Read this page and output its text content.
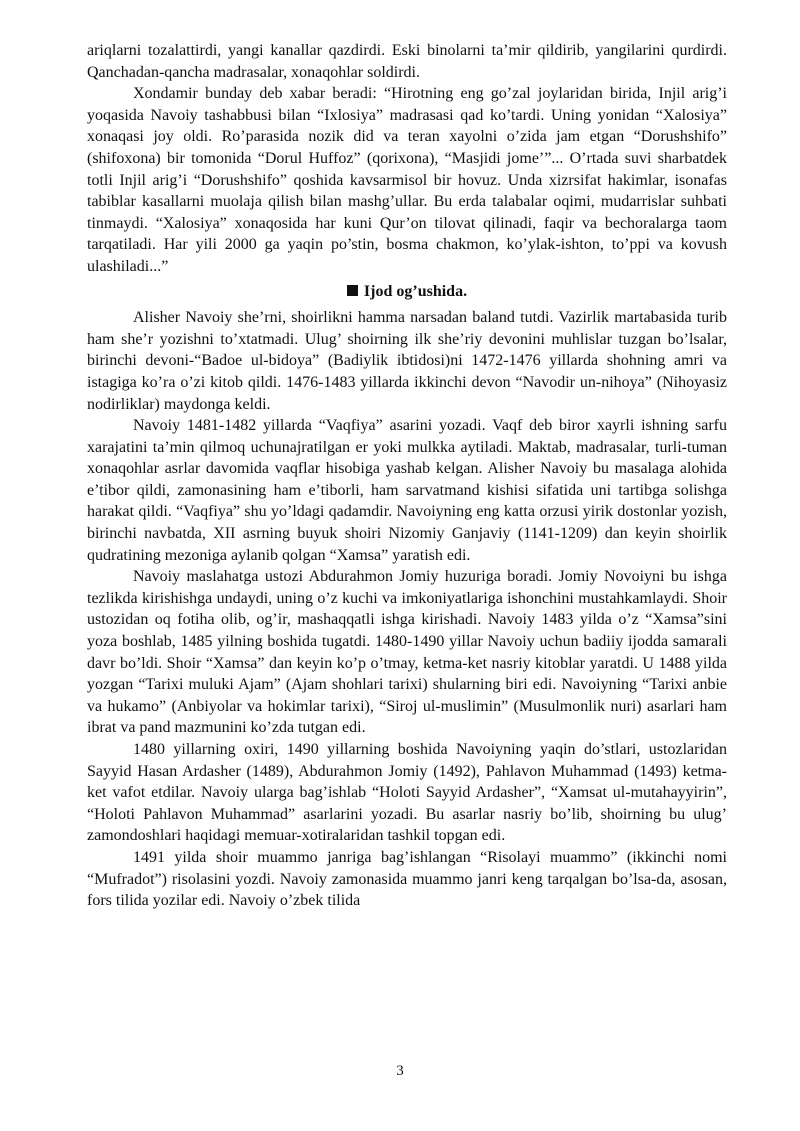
ariqlarni tozalattirdi, yangi kanallar qazdirdi. Eski binolarni ta’mir qildirib, yangilarini qurdirdi. Qanchadan-qancha madrasalar, xonaqohlar soldirdi.

Xondamir bunday deb xabar beradi: “Hirotning eng go’zal joylaridan birida, Injil arig’i yoqasida Navoiy tashabbusi bilan “Ixlosiya” madrasasi qad ko’tardi. Uning yonidan “Xalosiya” xonaqasi joy oldi. Ro’parasida nozik did va teran xayolni o’zida jam etgan “Dorushshifo” (shifoxona) bir tomonida “Dorul Huffoz” (qorixona), “Masjidi jome’”... O’rtada suvi sharbatdek totli Injil arig’i “Dorushshifo” qoshida kavsarmisol bir hovuz. Unda xizrsifat hakimlar, isonafas tabiblar kasallarni muolaja qilish bilan mashg’ullar. Bu erda talabalar oqimi, mudarrislar suhbati tinmaydi. “Xalosiya” xonaqosida har kuni Qur’on tilovat qilinadi, faqir va bechoralarga taom tarqatiladi. Har yili 2000 ga yaqin po’stin, bosma chakmon, ko’ylak-ishton, to’ppi va kovush ulashiladi...”

Ijod og’ushida.

Alisher Navoiy she’rni, shoirlikni hamma narsadan baland tutdi. Vazirlik martabasida turib ham she’r yozishni to’xtatmadi. Ulug’ shoirning ilk she’riy devonini muhlislar tuzgan bo’lsalar, birinchi devoni-“Badoe ul-bidoya” (Badiylik ibtidosi)ni 1472-1476 yillarda shohning amri va istagiga ko’ra o’zi kitob qildi. 1476-1483 yillarda ikkinchi devon “Navodir un-nihoya” (Nihoyasiz nodirliklar) maydonga keldi.

Navoiy 1481-1482 yillarda “Vaqfiya” asarini yozadi. Vaqf deb biror xayrli ishning sarfu xarajatini ta’min qilmoq uchunajratilgan er yoki mulkka aytiladi. Maktab, madrasalar, turli-tuman xonaqohlar asrlar davomida vaqflar hisobiga yashab kelgan. Alisher Navoiy bu masalaga alohida e’tibor qildi, zamonasining ham e’tiborli, ham sarvatmand kishisi sifatida uni tartibga solishga harakat qildi. “Vaqfiya” shu yo’ldagi qadamdir. Navoiyning eng katta orzusi yirik dostonlar yozish, birinchi navbatda, XII asrning buyuk shoiri Nizomiy Ganjaviy (1141-1209) dan keyin shoirlik qudratining mezoniga aylanib qolgan “Xamsa” yaratish edi.

Navoiy maslahatga ustozi Abdurahmon Jomiy huzuriga boradi. Jomiy Novoiyni bu ishga tezlikda kirishishga undaydi, uning o’z kuchi va imkoniyatlariga ishonchini mustahkamlaydi. Shoir ustozidan oq fotiha olib, og’ir, mashaqqatli ishga kirishadi. Navoiy 1483 yilda o’z “Xamsa”sini yoza boshlab, 1485 yilning boshida tugatdi. 1480-1490 yillar Navoiy uchun badiiy ijodda samarali davr bo’ldi. Shoir “Xamsa” dan keyin ko’p o’tmay, ketma-ket nasriy kitoblar yaratdi. U 1488 yilda yozgan “Tarixi muluki Ajam” (Ajam shohlari tarixi) shularning biri edi. Navoiyning “Tarixi anbie va hukamo” (Anbiyolar va hokimlar tarixi), “Siroj ul-muslimin” (Musulmonlik nuri) asarlari ham ibrat va pand mazmunini ko’zda tutgan edi.

1480 yillarning oxiri, 1490 yillarning boshida Navoiyning yaqin do’stlari, ustozlaridan Sayyid Hasan Ardasher (1489), Abdurahmon Jomiy (1492), Pahlavon Muhammad (1493) ketma-ket vafot etdilar. Navoiy ularga bag’ishlab “Holoti Sayyid Ardasher”, “Xamsat ul-mutahayyirin”, “Holoti Pahlavon Muhammad” asarlarini yozadi. Bu asarlar nasriy bo’lib, shoirning bu ulug’ zamondoshlari haqidagi memuar-xotiralaridan tashkil topgan edi.

1491 yilda shoir muammo janriga bag’ishlangan “Risolayi muammo” (ikkinchi nomi “Mufradot”) risolasini yozdi. Navoiy zamonasida muammo janri keng tarqalgan bo’lsa-da, asosan, fors tilida yozilar edi. Navoiy o’zbek tilida

3
